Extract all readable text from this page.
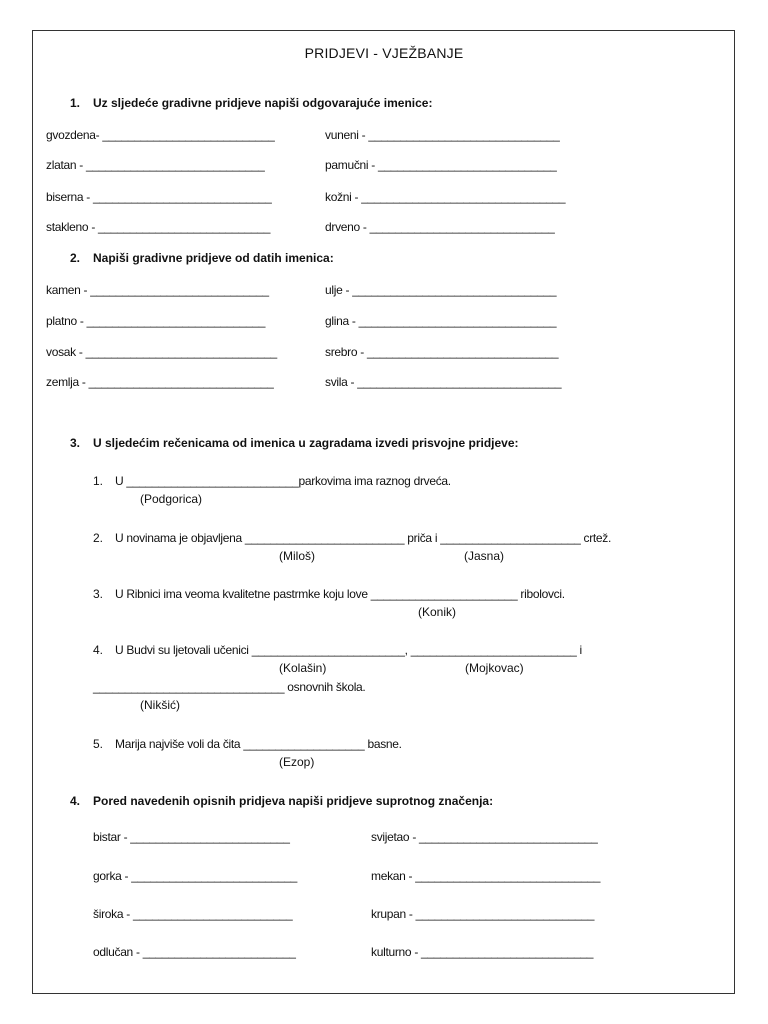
PRIDJEVI - VJEŽBANJE
1. Uz sljedeće gradivne pridjeve napiši odgovarajuće imenice:
gvozdena- ___________________________
zlatan - ____________________________
biserna - ____________________________
stakleno - ___________________________
vuneni - ______________________________
pamučni - ____________________________
kožni - ________________________________
drveno - _____________________________
2. Napiši gradivne pridjeve od datih imenica:
kamen - ____________________________
platno - ____________________________
vosak - ______________________________
zemlja - _____________________________
ulje - ________________________________
glina - _______________________________
srebro - ______________________________
svila - ________________________________
3. U sljedećim rečenicama od imenica u zagradama izvedi prisvojne pridjeve:
1. U ___________________________parkovima ima raznog drveća.
(Podgorica)
2. U novinama je objavljena _________________________ priča i ______________________ crtež.
(Miloš)	(Jasna)
3. U Ribnici ima veoma kvalitetne pastrmke koju love _______________________ ribolovci.
(Konik)
4. U Budvi su ljetovali učenici ________________________, __________________________ i
(Kolašin)	(Mojkovac)
______________________________ osnovnih škola.
(Nikšić)
5. Marija najviše voli da čita ___________________ basne.
(Ezop)
4. Pored navedenih opisnih pridjeva napiši pridjeve suprotnog značenja:
bistar - _________________________
gorka - __________________________
široka - _________________________
odlučan - ________________________
svijetao - ____________________________
mekan - _____________________________
krupan - ____________________________
kulturno - ___________________________
